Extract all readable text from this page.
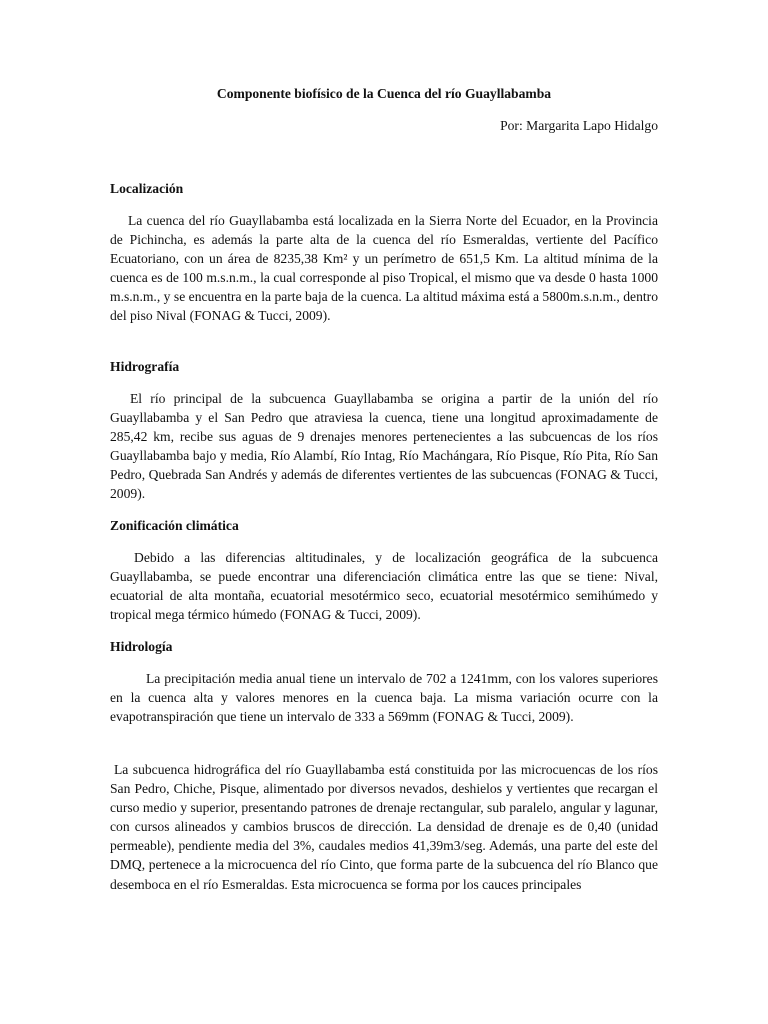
Componente biofísico de la Cuenca del río Guayllabamba

Por: Margarita Lapo Hidalgo

Localización

La cuenca del río Guayllabamba está localizada en la Sierra Norte del Ecuador, en la Provincia de Pichincha, es además la parte alta de la cuenca del río Esmeraldas, vertiente del Pacífico Ecuatoriano, con un área de 8235,38 Km² y un perímetro de 651,5 Km. La altitud mínima de la cuenca es de 100 m.s.n.m., la cual corresponde al piso Tropical, el mismo que va desde 0 hasta 1000 m.s.n.m., y se encuentra en la parte baja de la cuenca. La altitud máxima está a 5800m.s.n.m., dentro del piso Nival (FONAG & Tucci, 2009).

Hidrografía

El río principal de la subcuenca Guayllabamba se origina a partir de la unión del río Guayllabamba y el San Pedro que atraviesa la cuenca, tiene una longitud aproximadamente de 285,42 km, recibe sus aguas de 9 drenajes menores pertenecientes a las subcuencas de los ríos Guayllabamba bajo y media, Río Alambí, Río Intag, Río Machángara, Río Pisque, Río Pita, Río San Pedro, Quebrada San Andrés y además de diferentes vertientes de las subcuencas (FONAG & Tucci, 2009).

Zonificación climática

Debido a las diferencias altitudinales, y de localización geográfica de la subcuenca Guayllabamba, se puede encontrar una diferenciación climática entre las que se tiene: Nival, ecuatorial de alta montaña, ecuatorial mesotérmico seco, ecuatorial mesotérmico semihúmedo y tropical mega térmico húmedo (FONAG & Tucci, 2009).

Hidrología

La precipitación media anual tiene un intervalo de 702 a 1241mm, con los valores superiores en la cuenca alta y valores menores en la cuenca baja. La misma variación ocurre con la evapotranspiración que tiene un intervalo de 333 a 569mm (FONAG & Tucci, 2009).

La subcuenca hidrográfica del río Guayllabamba está constituida por las microcuencas de los ríos San Pedro, Chiche, Pisque, alimentado por diversos nevados, deshielos y vertientes que recargan el curso medio y superior, presentando patrones de drenaje rectangular, sub paralelo, angular y lagunar, con cursos alineados y cambios bruscos de dirección. La densidad de drenaje es de 0,40 (unidad permeable), pendiente media del 3%, caudales medios 41,39m3/seg. Además, una parte del este del DMQ, pertenece a la microcuenca del río Cinto, que forma parte de la subcuenca del río Blanco que desemboca en el río Esmeraldas. Esta microcuenca se forma por los cauces principales
